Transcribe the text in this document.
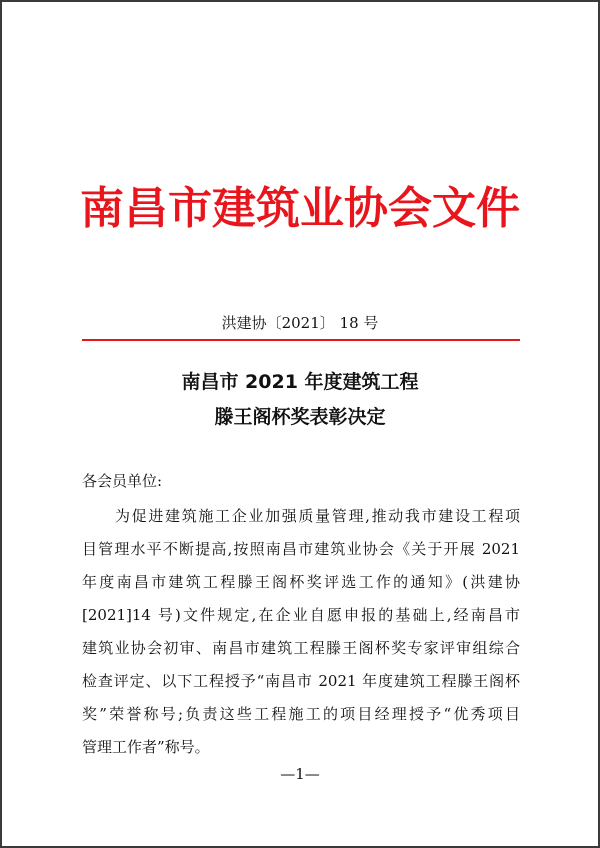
南昌市建筑业协会文件
洪建协〔2021〕 18 号
南昌市 2021 年度建筑工程
滕王阁杯奖表彰决定
各会员单位:
为促进建筑施工企业加强质量管理,推动我市建设工程项
目管理水平不断提高,按照南昌市建筑业协会《关于开展 2021
年度南昌市建筑工程滕王阁杯奖评选工作的通知》(洪建协
[2021]14 号)文件规定,在企业自愿申报的基础上,经南昌市
建筑业协会初审、南昌市建筑工程滕王阁杯奖专家评审组综合
检查评定、以下工程授予“南昌市 2021 年度建筑工程滕王阁杯
奖”荣誉称号;负责这些工程施工的项目经理授予“优秀项目
管理工作者”称号。
—1—
